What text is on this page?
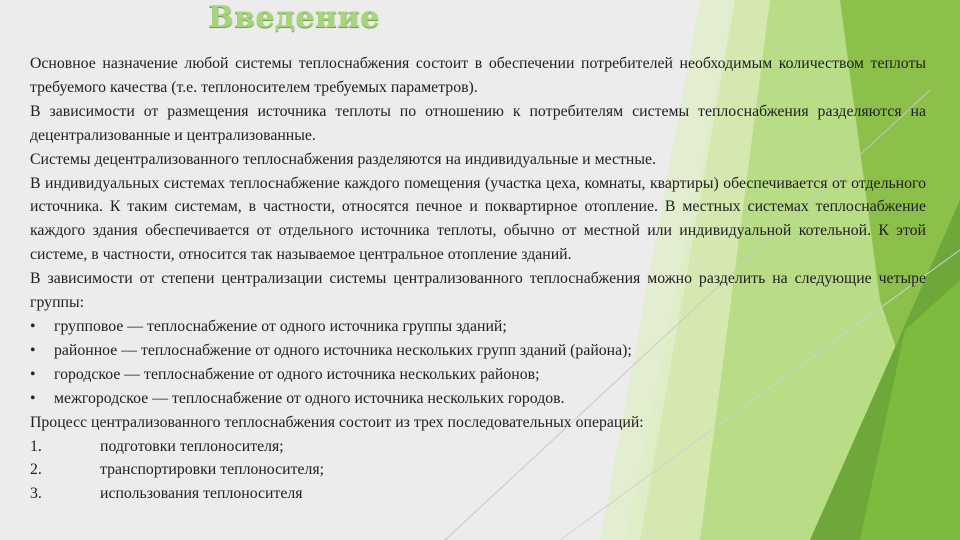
Введение

Основное назначение любой системы теплоснабжения состоит в обеспечении потребителей необходимым количеством теплоты требуемого качества (т.е. теплоносителем требуемых параметров).

В зависимости от размещения источника теплоты по отношению к потребителям системы теплоснабжения разделяются на децентрализованные и централизованные.

Системы децентрализованного теплоснабжения разделяются на индивидуальные и местные.

В индивидуальных системах теплоснабжение каждого помещения (участка цеха, комнаты, квартиры) обеспечивается от отдельного источника. К таким системам, в частности, относятся печное и поквартирное отопление. В местных системах теплоснабжение каждого здания обеспечивается от отдельного источника теплоты, обычно от местной или индивидуальной котельной. К этой системе, в частности, относится так называемое центральное отопление зданий.

В зависимости от степени централизации системы централизованного теплоснабжения можно разделить на следующие четыре группы:

•	групповое — теплоснабжение от одного источника группы зданий;
•	районное — теплоснабжение от одного источника нескольких групп зданий (района);
•	городское — теплоснабжение от одного источника нескольких районов;
•	межгородское — теплоснабжение от одного источника нескольких городов.

Процесс централизованного теплоснабжения состоит из трех последовательных операций:

1.	подготовки теплоносителя;
2.	транспортировки теплоносителя;
3.	использования теплоносителя
